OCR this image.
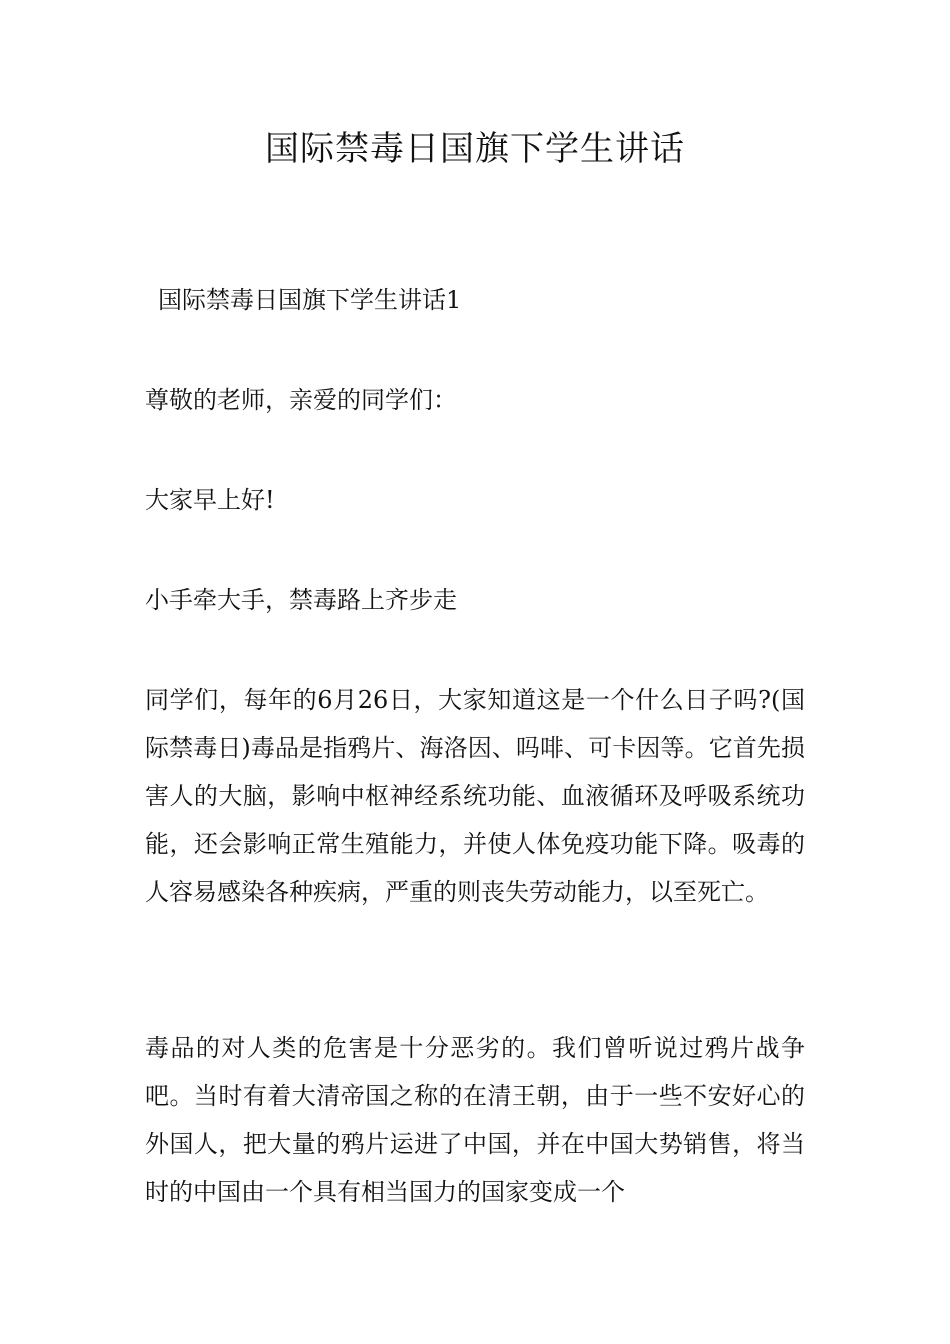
国际禁毒日国旗下学生讲话

国际禁毒日国旗下学生讲话1

尊敬的老师，亲爱的同学们：

大家早上好!

小手牵大手，禁毒路上齐步走

同学们，每年的6月26日，大家知道这是一个什么日子吗?(国际禁毒日)毒品是指鸦片、海洛因、吗啡、可卡因等。它首先损害人的大脑，影响中枢神经系统功能、血液循环及呼吸系统功能，还会影响正常生殖能力，并使人体免疫功能下降。吸毒的人容易感染各种疾病，严重的则丧失劳动能力，以至死亡。

毒品的对人类的危害是十分恶劣的。我们曾听说过鸦片战争吧。当时有着大清帝国之称的在清王朝，由于一些不安好心的外国人，把大量的鸦片运进了中国，并在中国大势销售，将当时的中国由一个具有相当国力的国家变成一个
